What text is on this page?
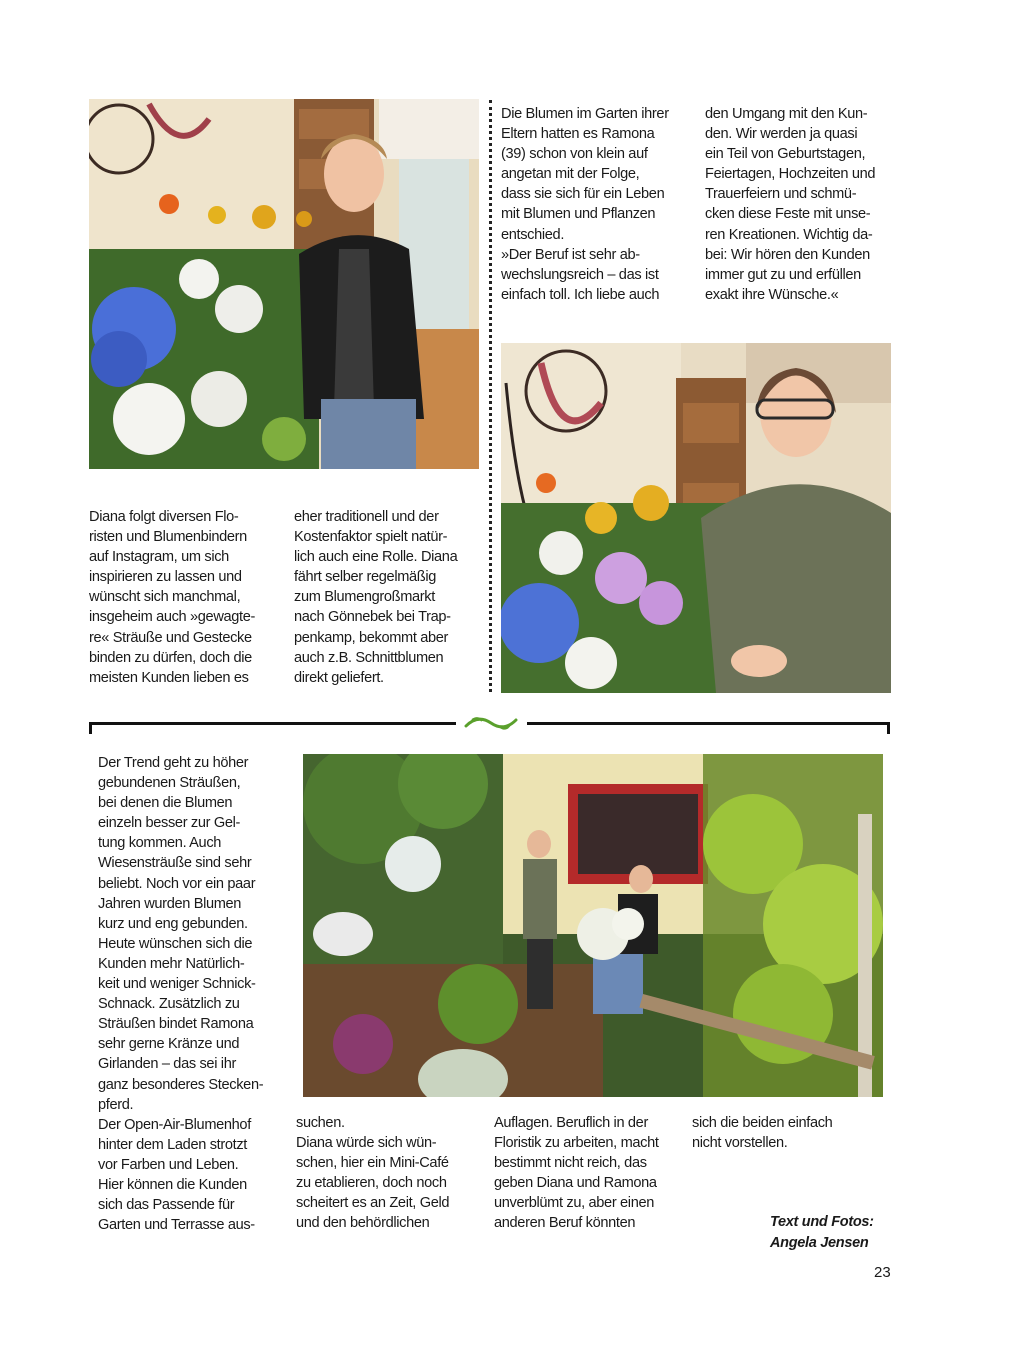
Die Blumen im Garten ihrer
Eltern hatten es Ramona
(39) schon von klein auf
angetan mit der Folge,
dass sie sich für ein Leben
mit Blumen und Pflanzen
entschied.
»Der Beruf ist sehr ab-
wechslungsreich – das ist
einfach toll. Ich liebe auch
den Umgang mit den Kun-
den. Wir werden ja quasi
ein Teil von Geburtstagen,
Feiertagen, Hochzeiten und
Trauerfeiern und schmü-
cken diese Feste mit unse-
ren Kreationen. Wichtig da-
bei: Wir hören den Kunden
immer gut zu und erfüllen
exakt ihre Wünsche.«
Diana folgt diversen Flo-
risten und Blumenbindern
auf Instagram, um sich
inspirieren zu lassen und
wünscht sich manchmal,
insgeheim auch »gewagte-
re« Sträuße und Gestecke
binden zu dürfen, doch die
meisten Kunden lieben es
eher traditionell und der
Kostenfaktor spielt natür-
lich auch eine Rolle. Diana
fährt selber regelmäßig
zum Blumengroßmarkt
nach Gönnebek bei Trap-
penkamp, bekommt aber
auch z.B. Schnittblumen
direkt geliefert.
Der Trend geht zu höher
gebundenen Sträußen,
bei denen die Blumen
einzeln besser zur Gel-
tung kommen. Auch
Wiesensträuße sind sehr
beliebt. Noch vor ein paar
Jahren wurden Blumen
kurz und eng gebunden.
Heute wünschen sich die
Kunden mehr Natürlich-
keit und weniger Schnick-
Schnack. Zusätzlich zu
Sträußen bindet Ramona
sehr gerne Kränze und
Girlanden – das sei ihr
ganz besonderes Stecken-
pferd.
Der Open-Air-Blumenhof
hinter dem Laden strotzt
vor Farben und Leben.
Hier können die Kunden
sich das Passende für
Garten und Terrasse aus-
suchen.
Diana würde sich wün-
schen, hier ein Mini-Café
zu etablieren, doch noch
scheitert es an Zeit, Geld
und den behördlichen
Auflagen. Beruflich in der
Floristik zu arbeiten, macht
bestimmt nicht reich, das
geben Diana und Ramona
unverblümt zu, aber einen
anderen Beruf könnten
sich die beiden einfach
nicht vorstellen.
Text und Fotos:
Angela Jensen
23
